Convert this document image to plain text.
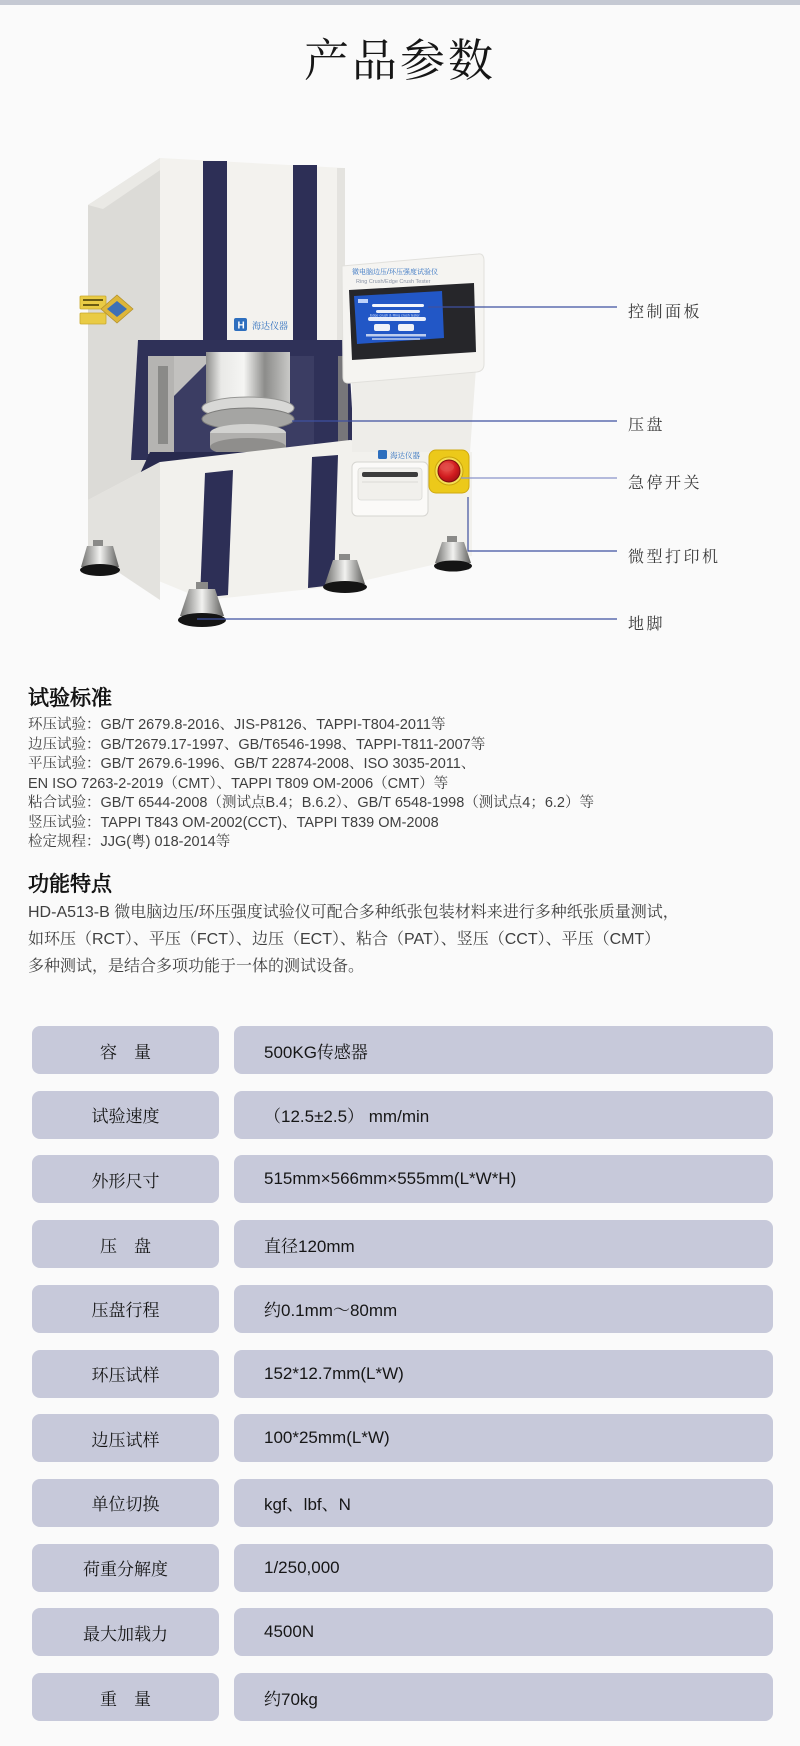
产品参数
H 海达仪器
微电脑边压/环压强度试验仪
Ring Crush/Edge Crush Tester
Edge crush & Ring crush tester
海达仪器
控制面板
压盘
急停开关
微型打印机
地脚
试验标准
环压试验：GB/T 2679.8-2016、JIS-P8126、TAPPI-T804-2011等
边压试验：GB/T2679.17-1997、GB/T6546-1998、TAPPI-T811-2007等
平压试验：GB/T 2679.6-1996、GB/T 22874-2008、ISO 3035-2011、
EN ISO 7263-2-2019（CMT）、TAPPI T809 OM-2006（CMT）等
粘合试验：GB/T 6544-2008（测试点B.4；B.6.2）、GB/T 6548-1998（测试点4；6.2）等
竖压试验：TAPPI T843 OM-2002(CCT)、TAPPI T839 OM-2008
检定规程：JJG(粤) 018-2014等
功能特点
HD-A513-B 微电脑边压/环压强度试验仪可配合多种纸张包装材料来进行多种纸张质量测试，
如环压（RCT）、平压（FCT）、边压（ECT）、粘合（PAT）、竖压（CCT）、平压（CMT）
多种测试，是结合多项功能于一体的测试设备。
容　量	500KG传感器
试验速度	（12.5±2.5） mm/min
外形尺寸	515mm×566mm×555mm(L*W*H)
压　盘	直径120mm
压盘行程	约0.1mm～80mm
环压试样	152*12.7mm(L*W)
边压试样	100*25mm(L*W)
单位切换	kgf、lbf、N
荷重分解度	1/250,000
最大加载力	4500N
重　量	约70kg
